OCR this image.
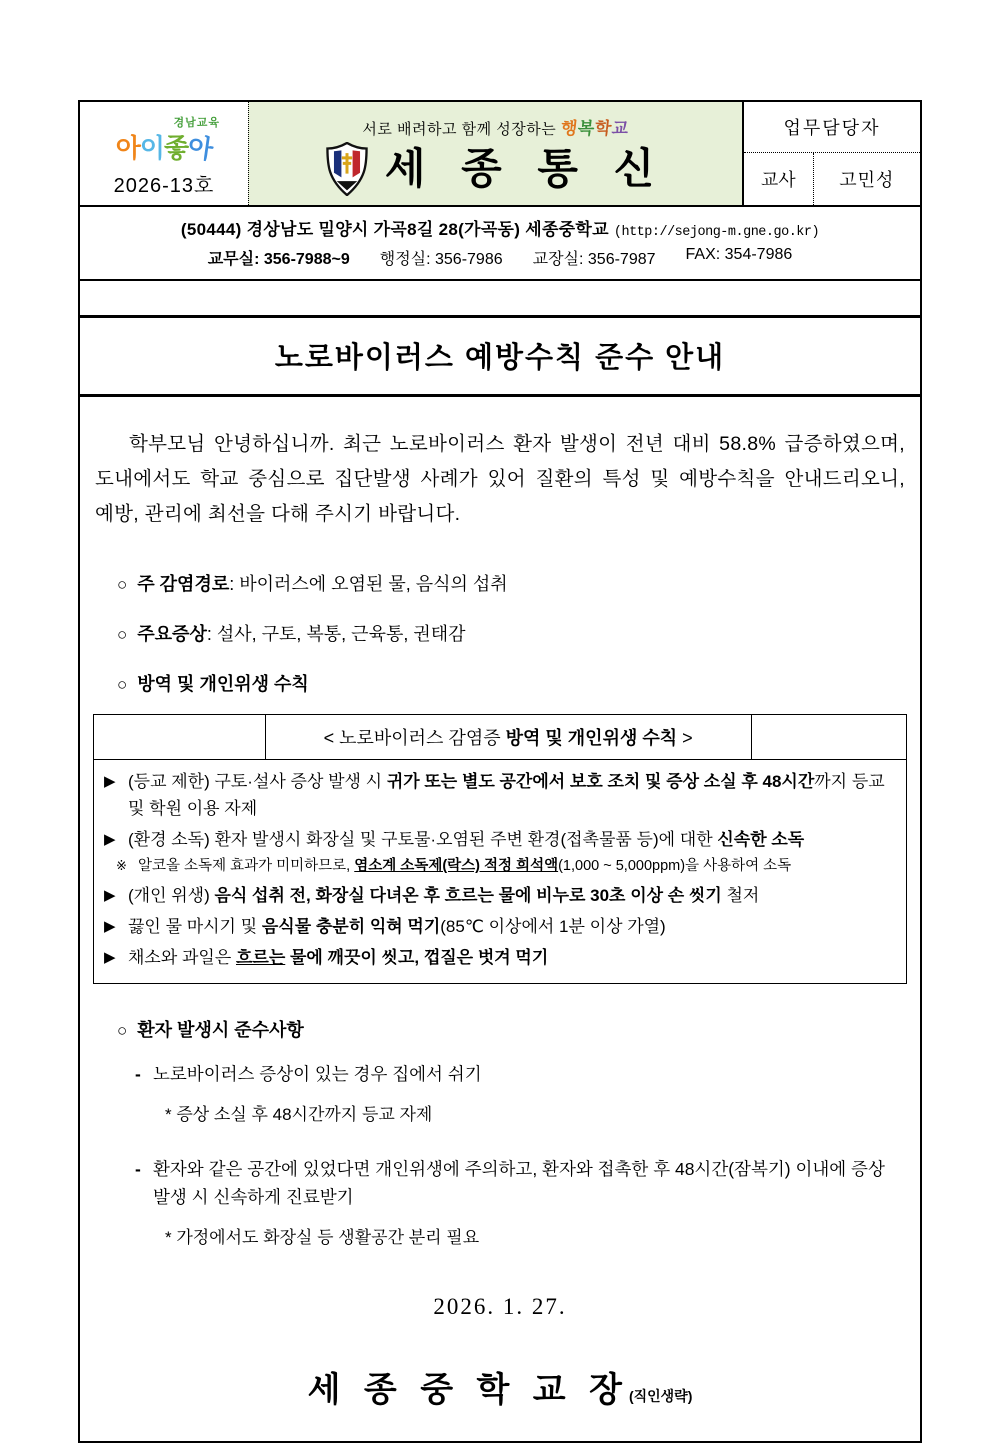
경남교육
아이좋아
2026-13호
서로 배려하고 함께 성장하는 행복학교
세 종 통 신
업무담당자
교사	고민성
(50444) 경상남도 밀양시 가곡8길 28(가곡동) 세종중학교 (http://sejong-m.gne.go.kr)
교무실: 356-7988~9 행정실: 356-7986 교장실: 356-7987 FAX: 354-7986
노로바이러스 예방수칙 준수 안내

학부모님 안녕하십니까. 최근 노로바이러스 환자 발생이 전년 대비 58.8% 급증하였으며, 도내에서도 학교 중심으로 집단발생 사례가 있어 질환의 특성 및 예방수칙을 안내드리오니, 예방, 관리에 최선을 다해 주시기 바랍니다.

○ 주 감염경로: 바이러스에 오염된 물, 음식의 섭취
○ 주요증상: 설사, 구토, 복통, 근육통, 권태감
○ 방역 및 개인위생 수칙
< 노로바이러스 감염증 방역 및 개인위생 수칙 >
▶ (등교 제한) 구토·설사 증상 발생 시 귀가 또는 별도 공간에서 보호 조치 및 증상 소실 후 48시간까지 등교 및 학원 이용 자제
▶ (환경 소독) 환자 발생시 화장실 및 구토물·오염된 주변 환경(접촉물품 등)에 대한 신속한 소독
※ 알코올 소독제 효과가 미미하므로, 염소계 소독제(락스) 적정 희석액(1,000 ~ 5,000ppm)을 사용하여 소독
▶ (개인 위생) 음식 섭취 전, 화장실 다녀온 후 흐르는 물에 비누로 30초 이상 손 씻기 철저
▶ 끓인 물 마시기 및 음식물 충분히 익혀 먹기(85℃ 이상에서 1분 이상 가열)
▶ 채소와 과일은 흐르는 물에 깨끗이 씻고, 껍질은 벗겨 먹기
○ 환자 발생시 준수사항
- 노로바이러스 증상이 있는 경우 집에서 쉬기
* 증상 소실 후 48시간까지 등교 자제
- 환자와 같은 공간에 있었다면 개인위생에 주의하고, 환자와 접촉한 후 48시간(잠복기) 이내에 증상 발생 시 신속하게 진료받기
* 가정에서도 화장실 등 생활공간 분리 필요
2026. 1. 27.
세 종 중 학 교 장(직인생략)
